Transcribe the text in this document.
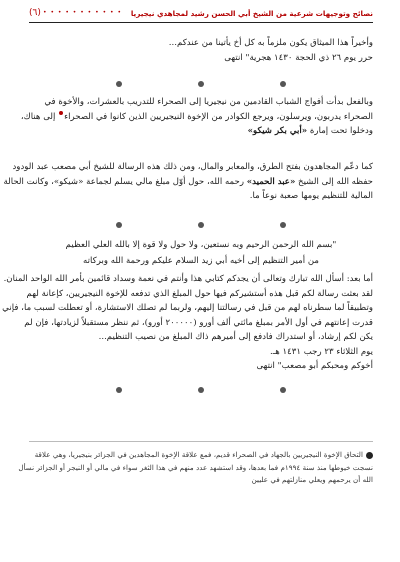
(٦) • • • • • • • • • • • نصائح وتوجيهات شرعية من الشيخ أبي الحسن رشيد لمجاهدي نيجيريا
وأخيراً هذا الميثاق يكون ملزماً به كل أخ يأتينا من عندكم...
حرر يوم ٢٦ ذي الحجة ١٤٣٠ هجرية" انتهى
وبالفعل بدأت أفواج الشباب القادمين من نيجيريا إلى الصحراء للتدريب بالعشرات، والأخوة في
الصحراء يدربون، ويرسلون، ويرجع الكوادر من الإخوة النيجيريين الذين كانوا في الصحراء إلى هناك،
ودخلوا تحت إمارة «أبي بكر شيكو»
كما دعّم المجاهدون بفتح الطرق، والمعابر والمال، ومن ذلك هذه الرسالة للشيخ أبي مصعب عبد الودود
حفظه الله إلى الشيخ «عبد الحميد» رحمه الله، حول أوّل مبلغ مالي يسلم لجماعة «شيكو»، وكانت الحالة
المالية للتنظيم يومها صعبة نوعاً ما.
"بسم الله الرحمن الرحيم وبه نستعين، ولا حول ولا قوة إلا بالله العلي العظيم
من أمير التنظيم إلى أخيه أبي زيد السلام عليكم ورحمة الله وبركاته
أما بعد: أسأل الله تبارك وتعالى أن يجدكم كتابي هذا وأنتم في نعمة وسداد قائمين بأمر الله الواحد المنان.
لقد بعثت رسالة لكم قبل هذه أستشيركم فيها حول المبلغ الذي تدفعه للإخوة النيجيريين، كإعانة لهم
وتطبيقاً لما سطرناه لهم من قبل في رسالتنا إليهم، ولربما لم تصلك الاستشارة، أو تعطلت لسبب ما، فإني
قدرت إعانتهم في أول الأمر بمبلغ مائتي ألف أورو (٢٠٠٠٠٠ أورو)، ثم ننظر مستقبلاً لزيادتها، فإن لم
يكن لكم إرشاد، أو استدراك فادفع إلى أميرهم ذاك المبلغ من نصيب التنظيم...
يوم الثلاثاء ٢٣ رجب ١٤٣١ هـ.
أخوكم ومحبكم أبو مصعب" انتهى
التحاق الإخوة النيجيريين بالجهاد في الصحراء قديم، فمع علاقة الإخوة المجاهدين في الجزائر بنيجيريا، وهي علاقة
نسجت خيوطها منذ سنة ١٩٩٤م فما بعدها، وقد استشهد عدد منهم في هذا الثغر سواء في مالي أو النيجر أو الجزائر نسأل
الله أن يرحمهم ويعلي منازلتهم في عليين
